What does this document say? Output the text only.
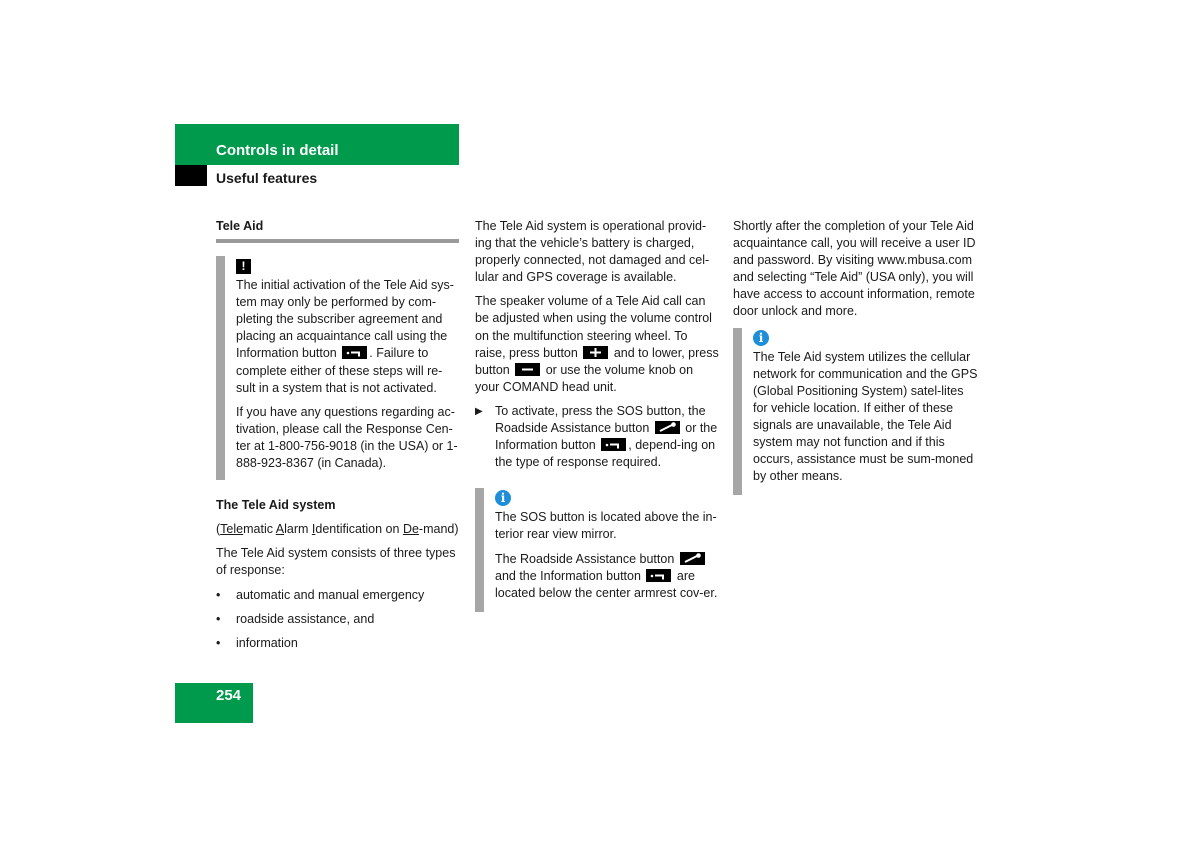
Controls in detail
Useful features
Tele Aid
!

The initial activation of the Tele Aid sys-tem may only be performed by com-pleting the subscriber agreement and placing an acquaintance call using the Information button	. Failure to complete either of these steps will re-sult in a system that is not activated.

If you have any questions regarding ac-tivation, please call the Response Cen-ter at 1-800-756-9018 (in the USA) or 1-888-923-8367 (in Canada).

The Tele Aid system

(Telematic Alarm Identification on De-mand)

The Tele Aid system consists of three types of response:

• automatic and manual emergency
• roadside assistance, and
• information

The Tele Aid system is operational provid-ing that the vehicle’s battery is charged, properly connected, not damaged and cel-lular and GPS coverage is available.

The speaker volume of a Tele Aid call can be adjusted when using the volume control on the multifunction steering wheel. To raise, press button	and to lower, press button	or use the volume knob on your COMAND head unit.

▶ To activate, press the SOS button, the Roadside Assistance button	or the Information button	, depend-ing on the type of response required.
i

The SOS button is located above the in-terior rear view mirror.

The Roadside Assistance button
and the Information button	are located below the center armrest cov-er.

Shortly after the completion of your Tele Aid acquaintance call, you will receive a user ID and password. By visiting www.mbusa.com and selecting “Tele Aid” (USA only), you will have access to account information, remote door unlock and more.

i

The Tele Aid system utilizes the cellular network for communication and the GPS (Global Positioning System) satel-lites for vehicle location. If either of these signals are unavailable, the Tele Aid system may not function and if this occurs, assistance must be sum-moned by other means.

254
